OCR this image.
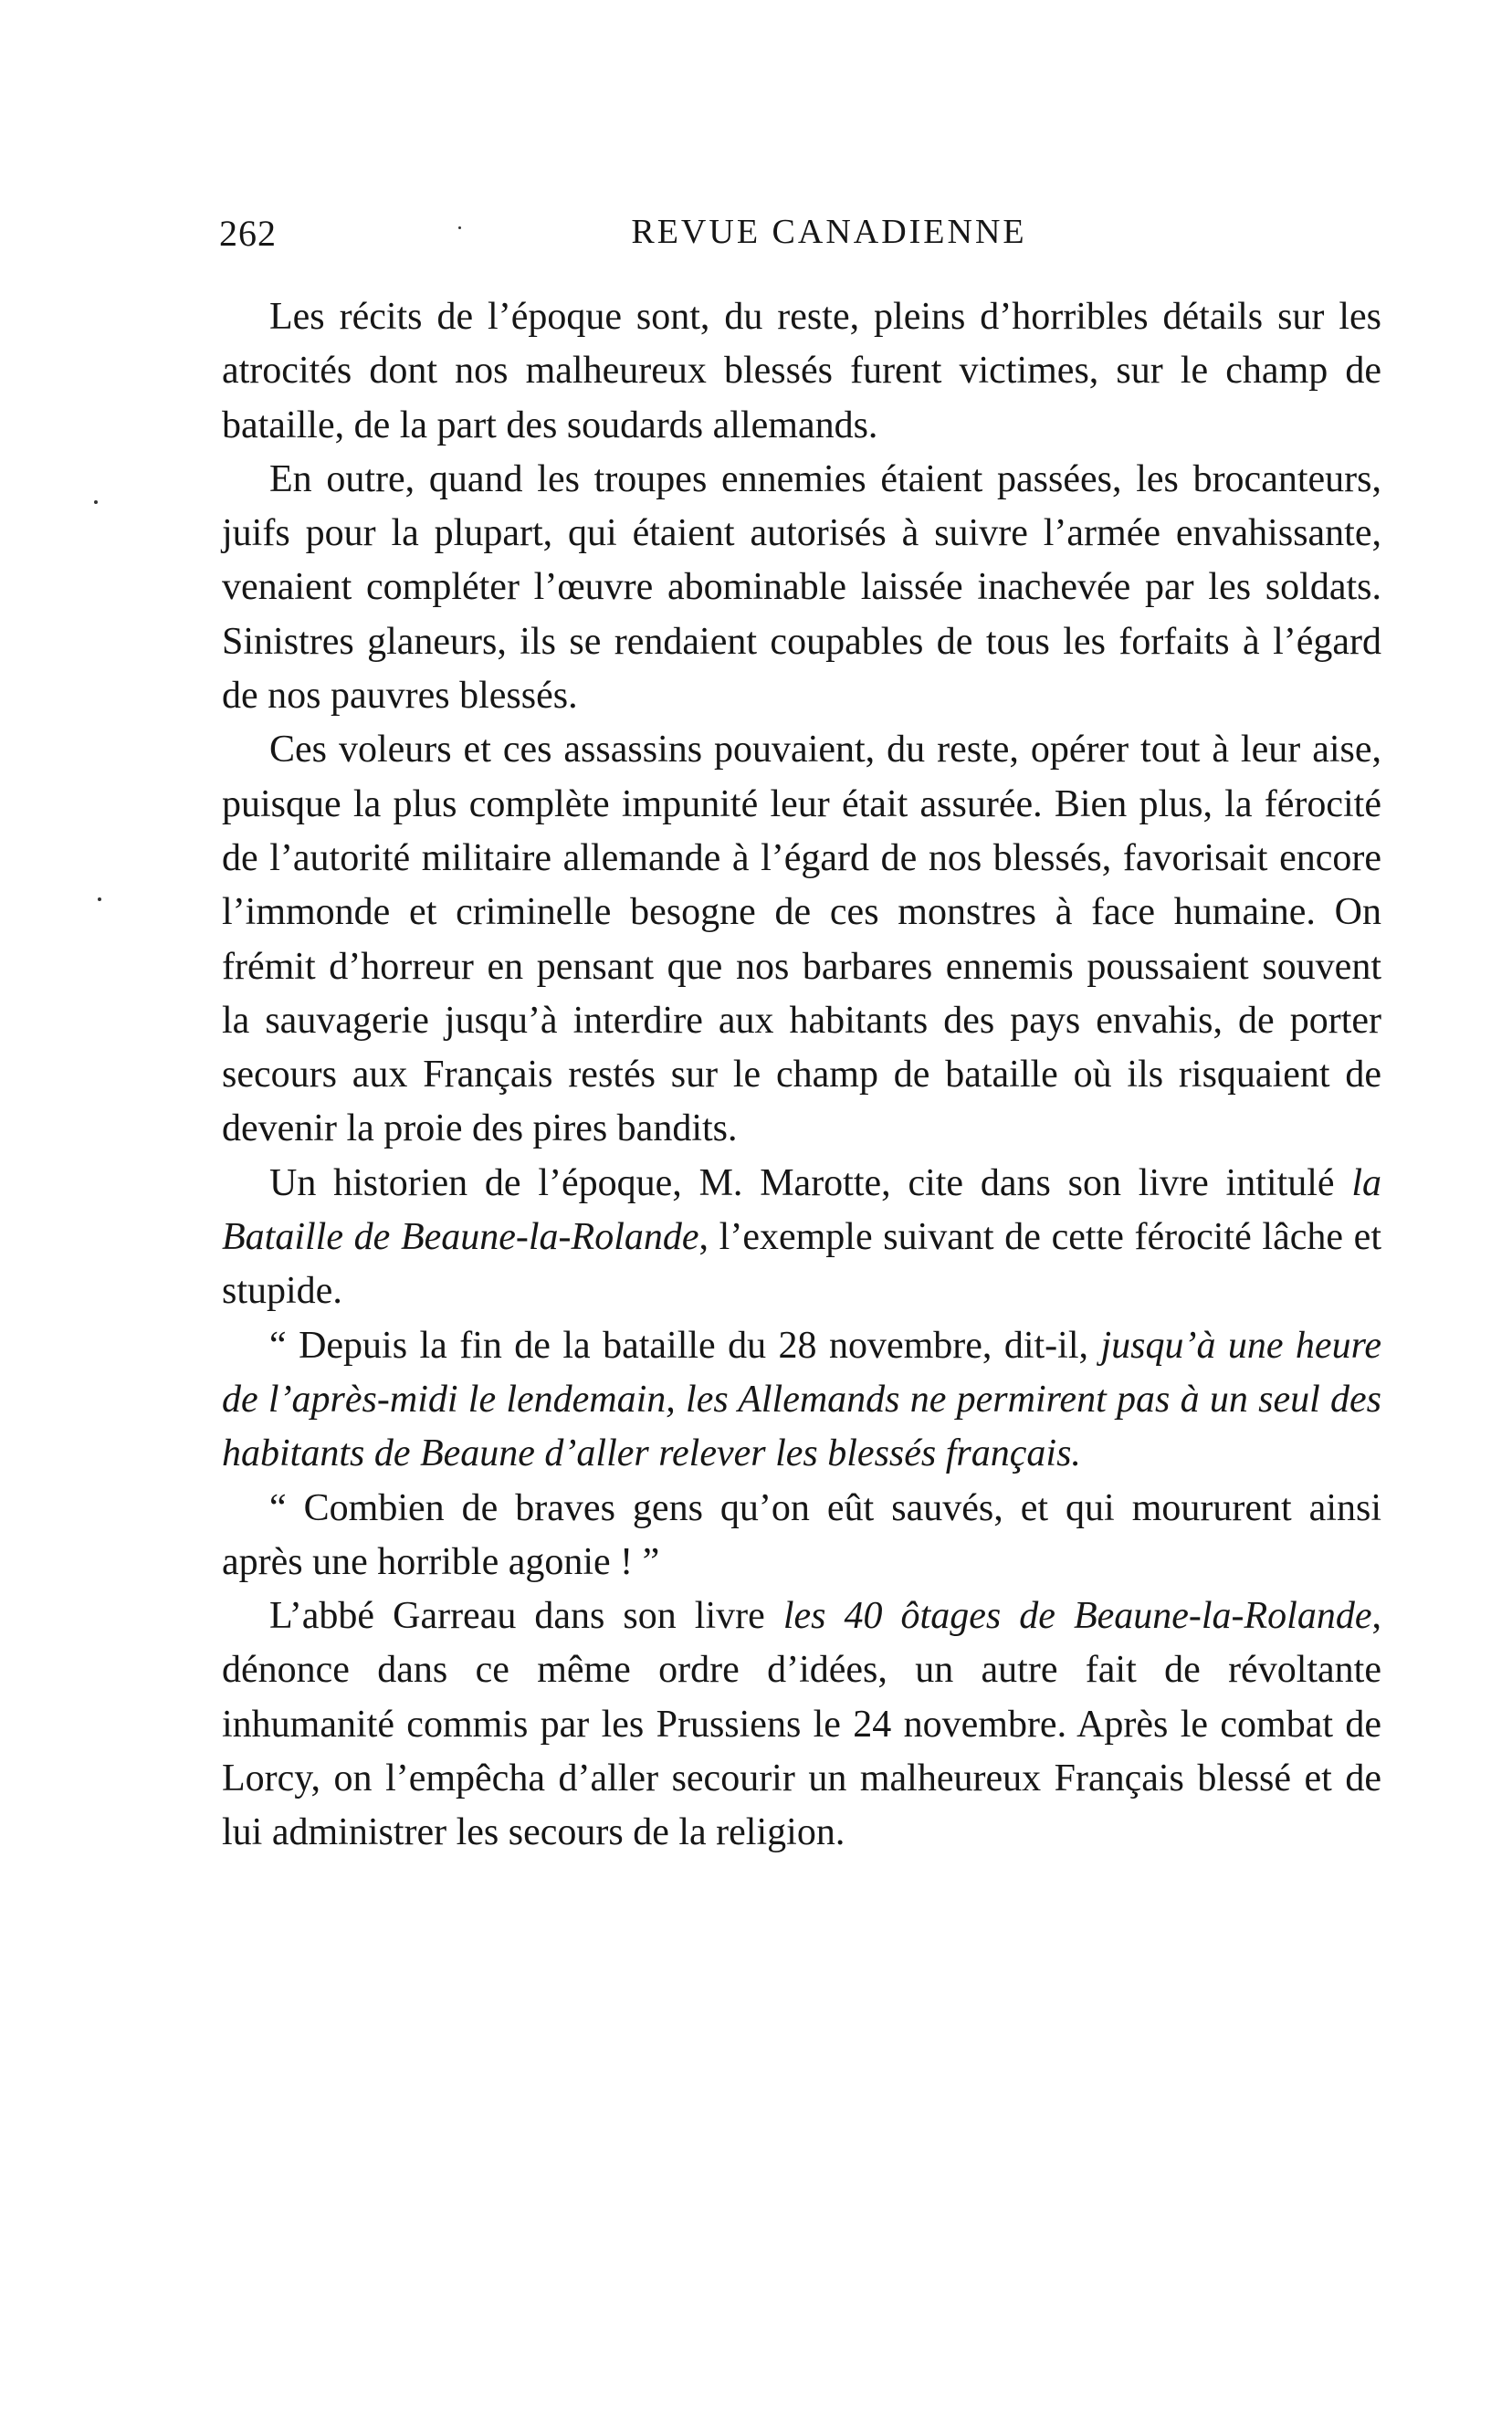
262	REVUE CANADIENNE

Les récits de l’époque sont, du reste, pleins d’horribles détails sur les atrocités dont nos malheureux blessés furent victimes, sur le champ de bataille, de la part des soudards allemands.

En outre, quand les troupes ennemies étaient passées, les brocanteurs, juifs pour la plupart, qui étaient autorisés à suivre l’armée envahissante, venaient compléter l’œuvre abominable laissée inachevée par les soldats. Sinistres glaneurs, ils se rendaient coupables de tous les forfaits à l’égard de nos pauvres blessés.

Ces voleurs et ces assassins pouvaient, du reste, opérer tout à leur aise, puisque la plus complète impunité leur était assurée. Bien plus, la férocité de l’autorité militaire allemande à l’égard de nos blessés, favorisait encore l’immonde et criminelle besogne de ces monstres à face humaine. On frémit d’horreur en pensant que nos barbares ennemis poussaient souvent la sauvagerie jusqu’à interdire aux habitants des pays envahis, de porter secours aux Français restés sur le champ de bataille où ils risquaient de devenir la proie des pires bandits.

Un historien de l’époque, M. Marotte, cite dans son livre intitulé la Bataille de Beaune-la-Rolande, l’exemple suivant de cette férocité lâche et stupide.

“ Depuis la fin de la bataille du 28 novembre, dit-il, jusqu’à une heure de l’après-midi le lendemain, les Allemands ne permirent pas à un seul des habitants de Beaune d’aller relever les blessés français.

“ Combien de braves gens qu’on eût sauvés, et qui moururent ainsi après une horrible agonie ! ”

L’abbé Garreau dans son livre les 40 ôtages de Beaune-la-Rolande, dénonce dans ce même ordre d’idées, un autre fait de révoltante inhumanité commis par les Prussiens le 24 novembre. Après le combat de Lorcy, on l’empêcha d’aller secourir un malheureux Français blessé et de lui administrer les secours de la religion.
